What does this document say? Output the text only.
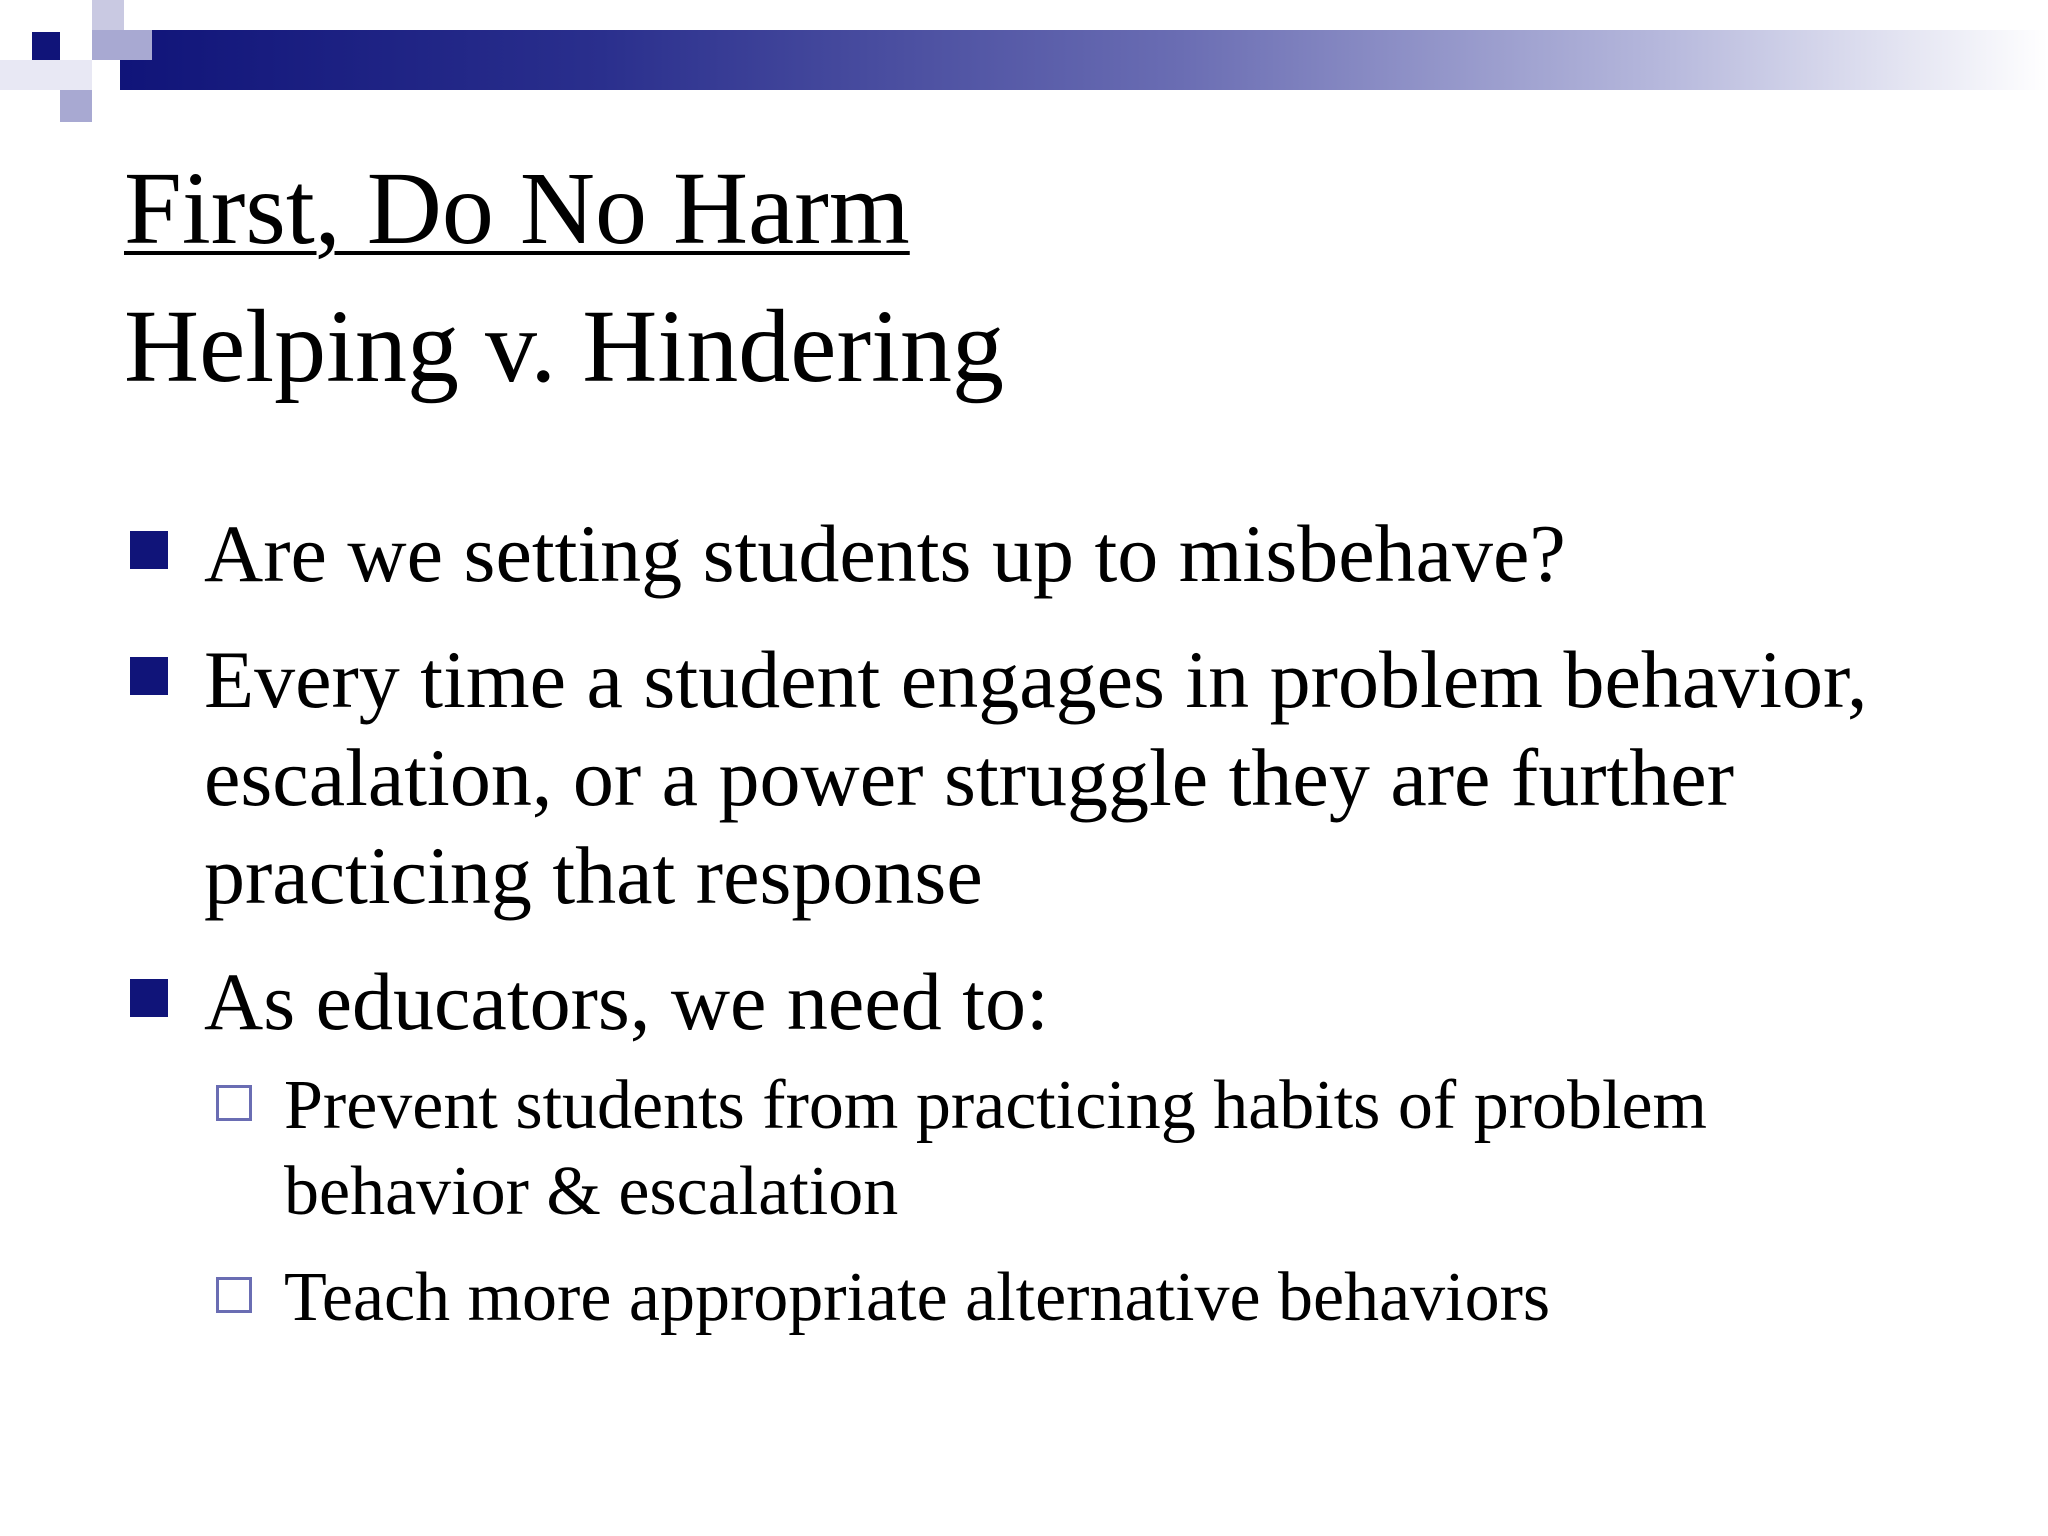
First, Do No Harm
Helping v. Hindering
Are we setting students up to misbehave?
Every time a student engages in problem behavior, escalation, or a power struggle they are further practicing that response
As educators, we need to:
Prevent students from practicing habits of problem behavior & escalation
Teach more appropriate alternative behaviors
